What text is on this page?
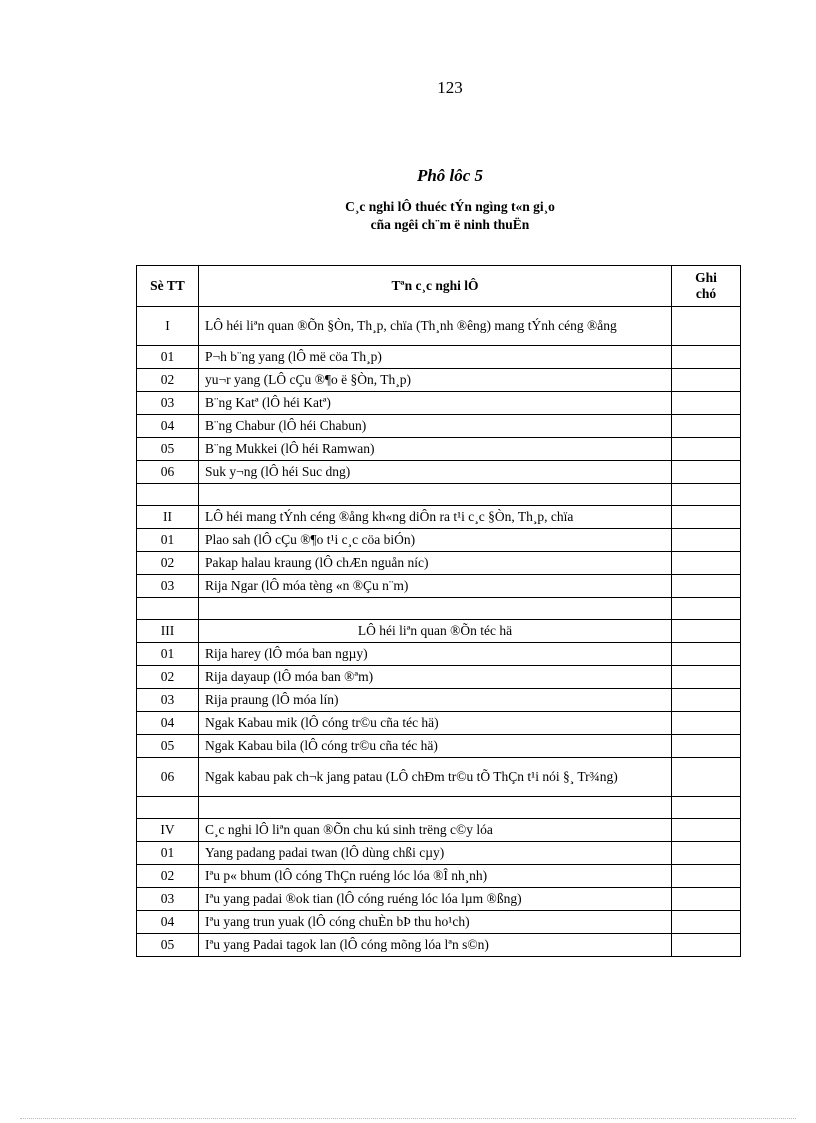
123
Phô lôc 5
C¸c nghi lÔ thuéc tÝn ngìng t«n gi¸o
cña ngêi ch¨m ë ninh thuËn
Sè TT	Tªn c¸c nghi lÔ	Ghi chó
I	LÔ héi liªn quan ®Õn §Òn, Th¸p, chïa (Th¸nh ®êng) mang tÝnh céng ®ång	
01	P¬h b¨ng yang (lÔ më cöa Th¸p)	
02	yu¬r yang (LÔ cÇu ®¶o ë §Òn, Th¸p)	
03	B¨ng Katª (lÔ héi Katª)	
04	B¨ng Chabur (lÔ héi Chabun)	
05	B¨ng Mukkei (lÔ héi Ramwan)	
06	Suk y¬ng (lÔ héi Suc dng)	

II	LÔ héi mang tÝnh céng ®ång kh«ng diÔn ra t¹i c¸c §Òn, Th¸p, chïa	
01	Plao sah (lÔ cÇu ®¶o t¹i c¸c cöa biÓn)	
02	Pakap halau kraung (lÔ chÆn nguån níc)	
03	Rija Ngar (lÔ móa tèng «n ®Çu n¨m)	

III	LÔ héi liªn quan ®Õn téc hä	
01	Rija harey (lÔ móa ban ngµy)	
02	Rija dayaup (lÔ móa ban ®ªm)	
03	Rija praung (lÔ móa lín)	
04	Ngak Kabau mik (lÔ cóng tr©u cña téc hä)	
05	Ngak Kabau bila (lÔ cóng tr©u cña téc hä)	
06	Ngak kabau pak ch¬k jang patau (LÔ chÐm tr©u tÕ ThÇn t¹i nói §¸ Tr¾ng)	

IV	C¸c nghi lÔ liªn quan ®Õn chu kú sinh trëng c©y lóa	
01	Yang padang padai twan (lÔ dùng chßi cµy)	
02	Iªu p« bhum (lÔ cóng ThÇn ruéng lóc lóa ®Î nh¸nh)	
03	Iªu yang padai ®ok tian (lÔ cóng ruéng lóc lóa lµm ®ßng)	
04	Iªu yang trun yuak (lÔ cóng chuÈn bÞ thu ho¹ch)	
05	Iªu yang Padai tagok lan (lÔ cóng mõng lóa lªn s©n)	
